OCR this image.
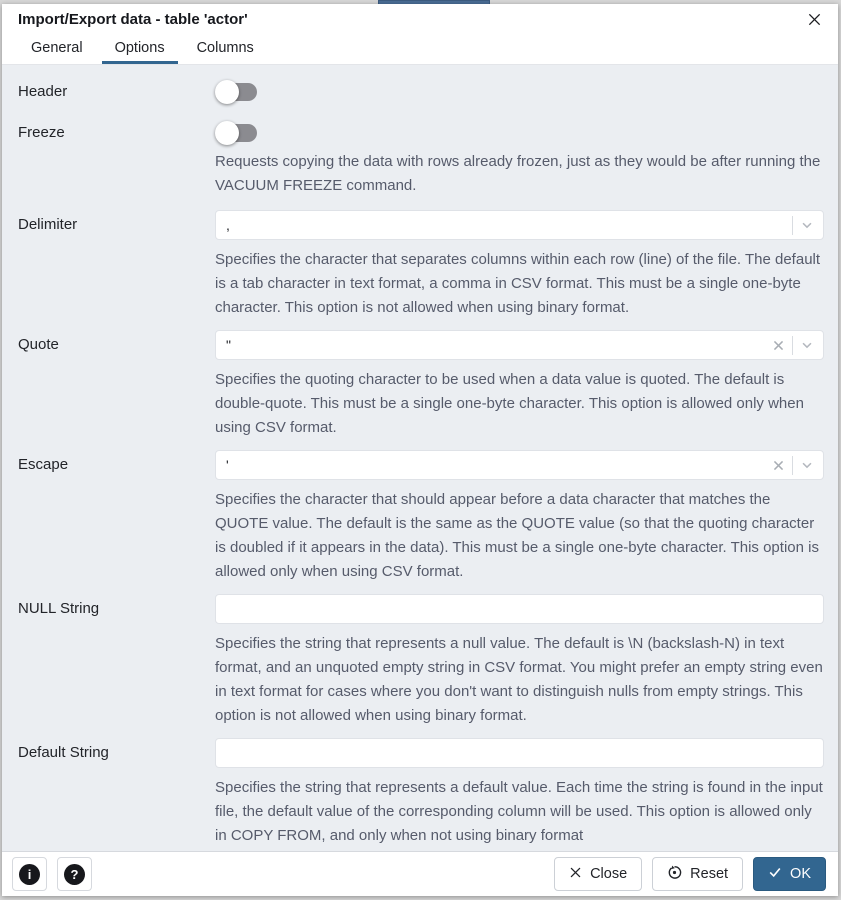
Import/Export data - table 'actor'
General	Options	Columns
Header
Freeze
Requests copying the data with rows already frozen, just as they would be after running the VACUUM FREEZE command.
Delimiter
,
Specifies the character that separates columns within each row (line) of the file. The default is a tab character in text format, a comma in CSV format. This must be a single one-byte character. This option is not allowed when using binary format.
Quote
"
Specifies the quoting character to be used when a data value is quoted. The default is double-quote. This must be a single one-byte character. This option is allowed only when using CSV format.
Escape
'
Specifies the character that should appear before a data character that matches the QUOTE value. The default is the same as the QUOTE value (so that the quoting character is doubled if it appears in the data). This must be a single one-byte character. This option is allowed only when using CSV format.
NULL String
Specifies the string that represents a null value. The default is \N (backslash-N) in text format, and an unquoted empty string in CSV format. You might prefer an empty string even in text format for cases where you don't want to distinguish nulls from empty strings. This option is not allowed when using binary format.
Default String
Specifies the string that represents a default value. Each time the string is found in the input file, the default value of the corresponding column will be used. This option is allowed only in COPY FROM, and only when not using binary format
i	?	Close	Reset	OK
